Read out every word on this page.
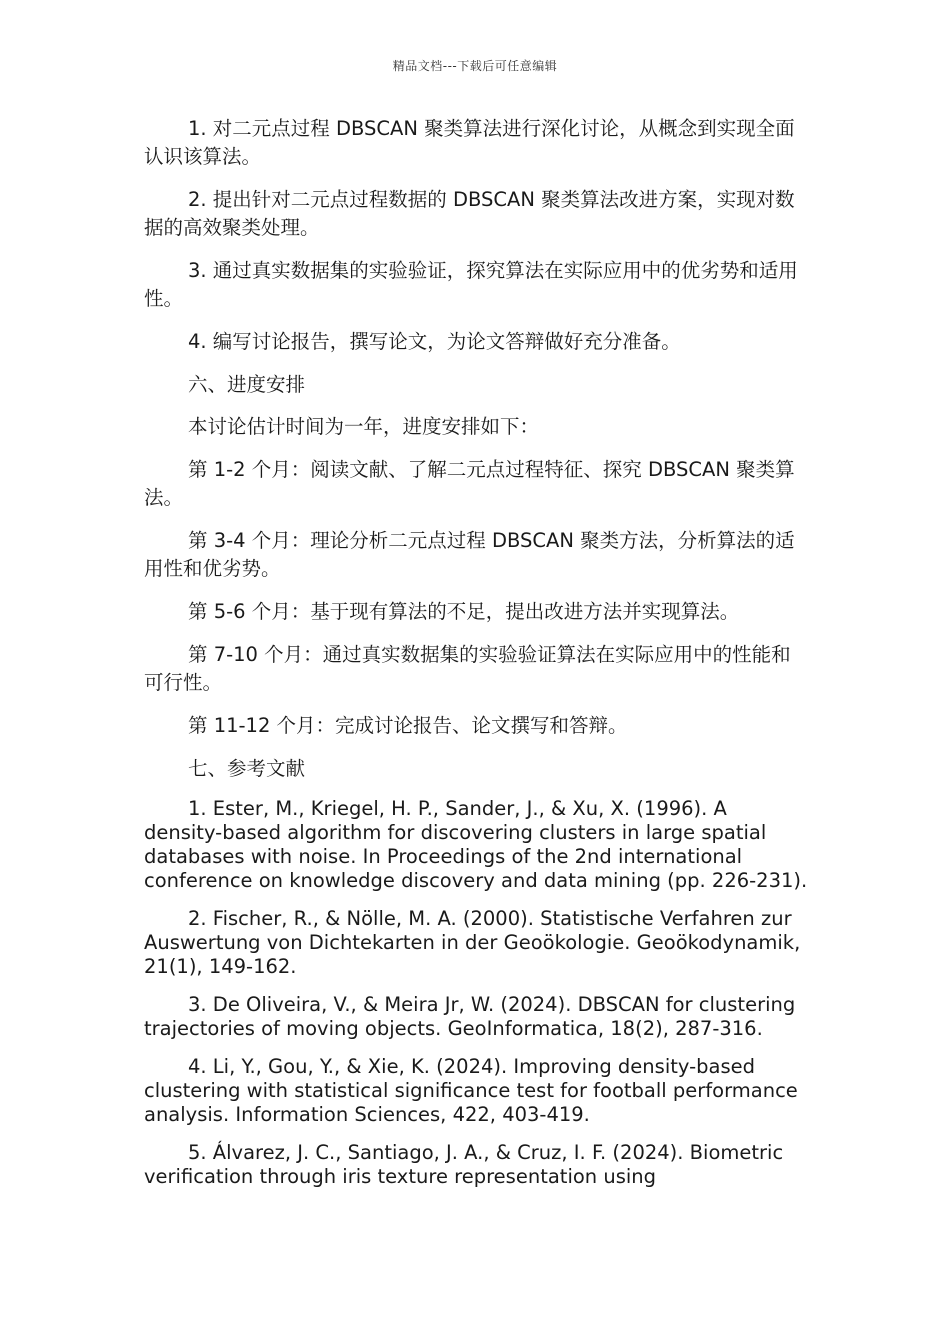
精品文档---下载后可任意编辑

1. 对二元点过程 DBSCAN 聚类算法进行深化讨论，从概念到实现全面认识该算法。

2. 提出针对二元点过程数据的 DBSCAN 聚类算法改进方案，实现对数据的高效聚类处理。

3. 通过真实数据集的实验验证，探究算法在实际应用中的优劣势和适用性。

4. 编写讨论报告，撰写论文，为论文答辩做好充分准备。

六、进度安排

本讨论估计时间为一年，进度安排如下：

第 1-2 个月：阅读文献、了解二元点过程特征、探究 DBSCAN 聚类算法。

第 3-4 个月：理论分析二元点过程 DBSCAN 聚类方法，分析算法的适用性和优劣势。

第 5-6 个月：基于现有算法的不足，提出改进方法并实现算法。

第 7-10 个月：通过真实数据集的实验验证算法在实际应用中的性能和可行性。

第 11-12 个月：完成讨论报告、论文撰写和答辩。

七、参考文献

1. Ester, M., Kriegel, H. P., Sander, J., & Xu, X. (1996). A density-based algorithm for discovering clusters in large spatial databases with noise. In Proceedings of the 2nd international conference on knowledge discovery and data mining (pp. 226-231).

2. Fischer, R., & Nölle, M. A. (2000). Statistische Verfahren zur Auswertung von Dichtekarten in der Geoökologie. Geoökodynamik, 21(1), 149-162.

3. De Oliveira, V., & Meira Jr, W. (2024). DBSCAN for clustering trajectories of moving objects. GeoInformatica, 18(2), 287-316.

4. Li, Y., Gou, Y., & Xie, K. (2024). Improving density-based clustering with statistical significance test for football performance analysis. Information Sciences, 422, 403-419.

5. Álvarez, J. C., Santiago, J. A., & Cruz, I. F. (2024). Biometric verification through iris texture representation using
